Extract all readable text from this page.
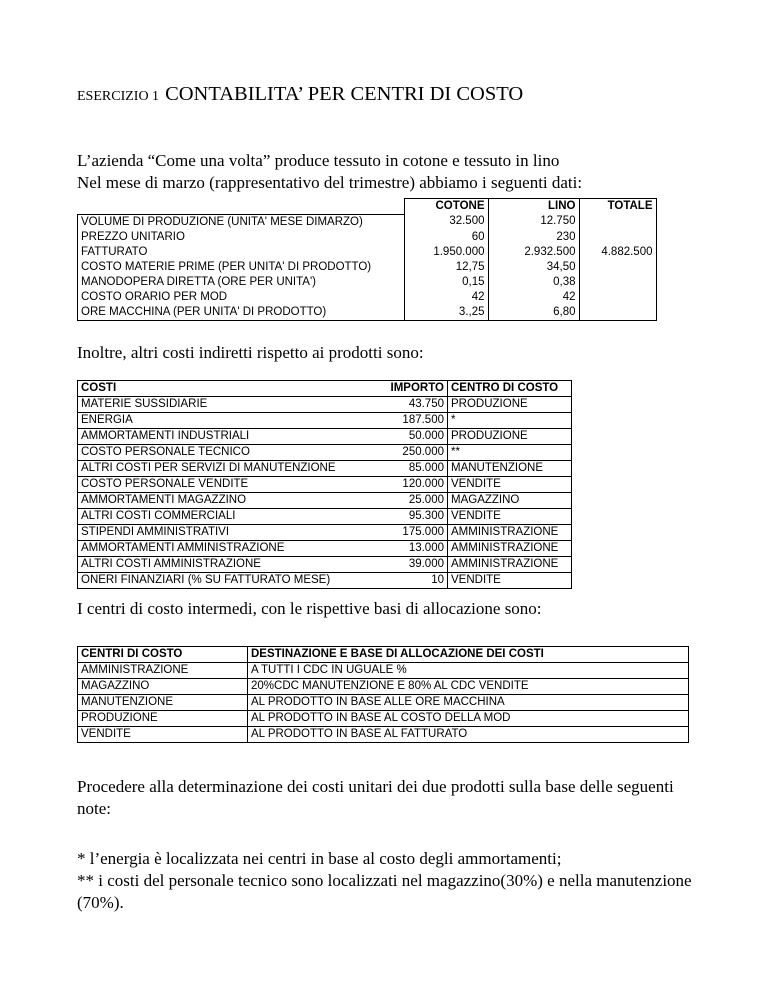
ESERCIZIO 1 CONTABILITA’ PER CENTRI DI COSTO
L’azienda “Come una volta” produce tessuto in cotone e tessuto in lino
Nel mese di marzo (rappresentativo del trimestre) abbiamo i seguenti dati:
	COTONE	LINO	TOTALE
VOLUME DI PRODUZIONE (UNITA' MESE DIMARZO)	32.500	12.750	
PREZZO UNITARIO	60	230	
FATTURATO	1.950.000	2.932.500	4.882.500
COSTO MATERIE PRIME (PER UNITA' DI PRODOTTO)	12,75	34,50	
MANODOPERA DIRETTA (ORE PER UNITA')	0,15	0,38	
COSTO ORARIO PER MOD	42	42	
ORE MACCHINA (PER UNITA' DI PRODOTTO)	3.,25	6,80	
Inoltre, altri costi indiretti rispetto ai prodotti sono:
COSTI	IMPORTO	CENTRO DI COSTO
MATERIE SUSSIDIARIE	43.750	PRODUZIONE
ENERGIA	187.500	*
AMMORTAMENTI INDUSTRIALI	50.000	PRODUZIONE
COSTO PERSONALE TECNICO	250.000	**
ALTRI COSTI PER SERVIZI DI MANUTENZIONE	85.000	MANUTENZIONE
COSTO PERSONALE VENDITE	120.000	VENDITE
AMMORTAMENTI MAGAZZINO	25.000	MAGAZZINO
ALTRI COSTI COMMERCIALI	95.300	VENDITE
STIPENDI AMMINISTRATIVI	175.000	AMMINISTRAZIONE
AMMORTAMENTI AMMINISTRAZIONE	13.000	AMMINISTRAZIONE
ALTRI COSTI AMMINISTRAZIONE	39.000	AMMINISTRAZIONE
ONERI FINANZIARI (% SU FATTURATO MESE)	10	VENDITE
I centri di costo intermedi, con le rispettive basi di allocazione sono:
CENTRI DI COSTO	DESTINAZIONE E BASE DI ALLOCAZIONE DEI COSTI
AMMINISTRAZIONE	A TUTTI I CDC IN UGUALE %
MAGAZZINO	20%CDC MANUTENZIONE E 80% AL CDC VENDITE
MANUTENZIONE	AL PRODOTTO IN BASE ALLE ORE MACCHINA
PRODUZIONE	AL PRODOTTO IN BASE AL COSTO DELLA MOD
VENDITE	AL PRODOTTO IN BASE AL FATTURATO
Procedere alla determinazione dei costi unitari dei due prodotti sulla base delle seguenti note:
* l’energia è localizzata nei centri in base al costo degli ammortamenti;
** i costi del personale tecnico sono localizzati nel magazzino(30%) e nella manutenzione (70%).
